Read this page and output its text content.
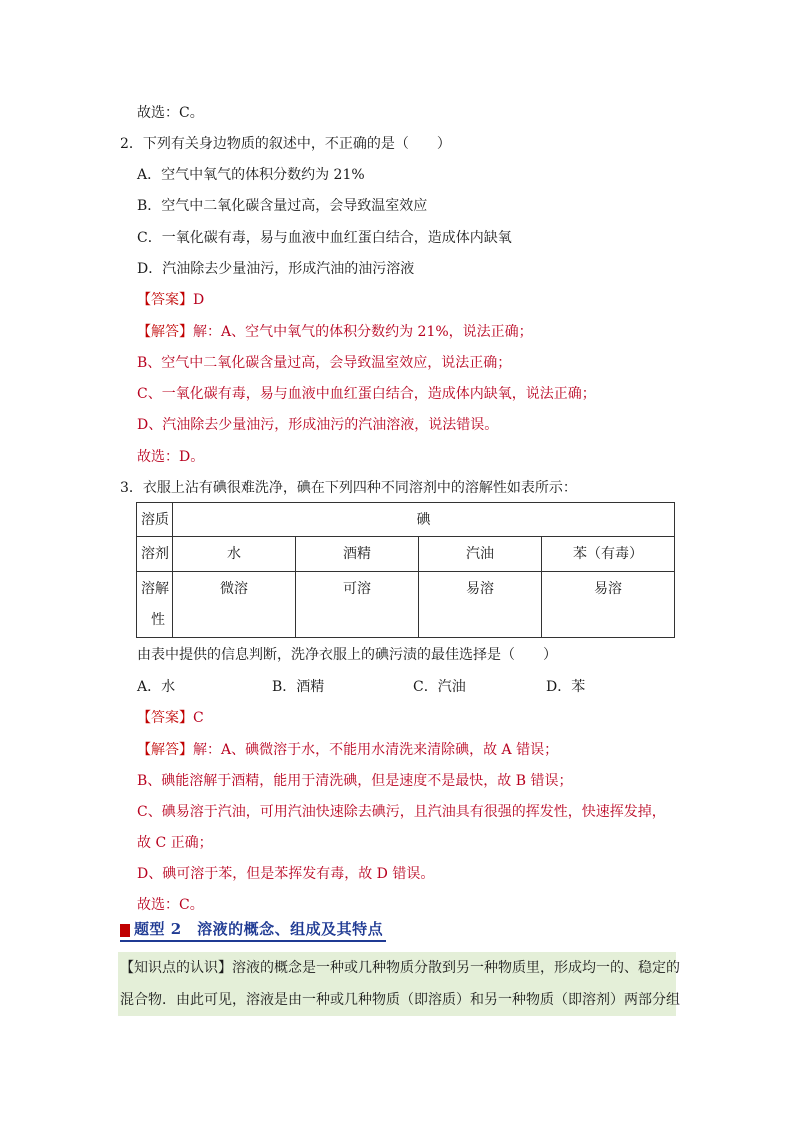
故选：C。
2．下列有关身边物质的叙述中，不正确的是（　　）
A．空气中氧气的体积分数约为 21%
B．空气中二氧化碳含量过高，会导致温室效应
C．一氧化碳有毒，易与血液中血红蛋白结合，造成体内缺氧
D．汽油除去少量油污，形成汽油的油污溶液
【答案】D
【解答】解：A、空气中氧气的体积分数约为 21%，说法正确；
B、空气中二氧化碳含量过高，会导致温室效应，说法正确；
C、一氧化碳有毒，易与血液中血红蛋白结合，造成体内缺氧，说法正确；
D、汽油除去少量油污，形成油污的汽油溶液，说法错误。
故选：D。
3．衣服上沾有碘很难洗净，碘在下列四种不同溶剂中的溶解性如表所示：
溶质	碘			
溶剂	水	酒精	汽油	苯（有毒）
溶解
性	微溶	可溶	易溶	易溶
由表中提供的信息判断，洗净衣服上的碘污渍的最佳选择是（　　）
A．水	B．酒精	C．汽油	D．苯
【答案】C
【解答】解：A、碘微溶于水，不能用水清洗来清除碘，故 A 错误；
B、碘能溶解于酒精，能用于清洗碘，但是速度不是最快，故 B 错误；
C、碘易溶于汽油，可用汽油快速除去碘污，且汽油具有很强的挥发性，快速挥发掉，
故 C 正确；
D、碘可溶于苯，但是苯挥发有毒，故 D 错误。
故选：C。
题型 2　溶液的概念、组成及其特点
【知识点的认识】溶液的概念是一种或几种物质分散到另一种物质里，形成均一的、稳定的
混合物．由此可见，溶液是由一种或几种物质（即溶质）和另一种物质（即溶剂）两部分组
